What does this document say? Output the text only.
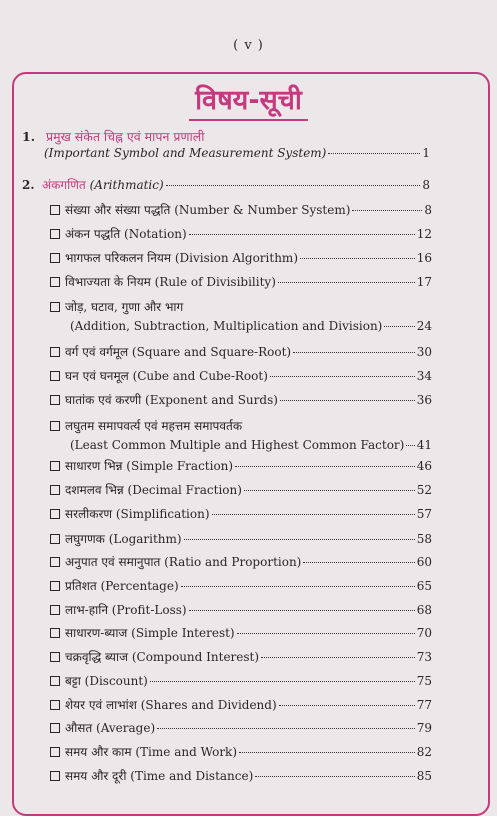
( v )
विषय-सूची
1. प्रमुख संकेत चिह्न एवं मापन प्रणाली
(Important Symbol and Measurement System)	1
2. अंकगणित (Arithmatic)	8
संख्या और संख्या पद्धति (Number & Number System)	8
अंकन पद्धति (Notation)	12
भागफल परिकलन नियम (Division Algorithm)	16
विभाज्यता के नियम (Rule of Divisibility)	17
जोड़, घटाव, गुणा और भाग
(Addition, Subtraction, Multiplication and Division)	24
वर्ग एवं वर्गमूल (Square and Square-Root)	30
घन एवं घनमूल (Cube and Cube-Root)	34
घातांक एवं करणी (Exponent and Surds)	36
लघुतम समापवर्त्य एवं महत्तम समापवर्तक
(Least Common Multiple and Highest Common Factor) 41
साधारण भिन्न (Simple Fraction)	46
दशमलव भिन्न (Decimal Fraction)	52
सरलीकरण (Simplification)	57
लघुगणक (Logarithm)	58
अनुपात एवं समानुपात (Ratio and Proportion)	60
प्रतिशत (Percentage)	65
लाभ-हानि (Profit-Loss)	68
साधारण-ब्याज (Simple Interest)	70
चक्रवृद्धि ब्याज (Compound Interest)	73
बट्टा (Discount)	75
शेयर एवं लाभांश (Shares and Dividend)	77
औसत (Average)	79
समय और काम (Time and Work)	82
समय और दूरी (Time and Distance)	85
